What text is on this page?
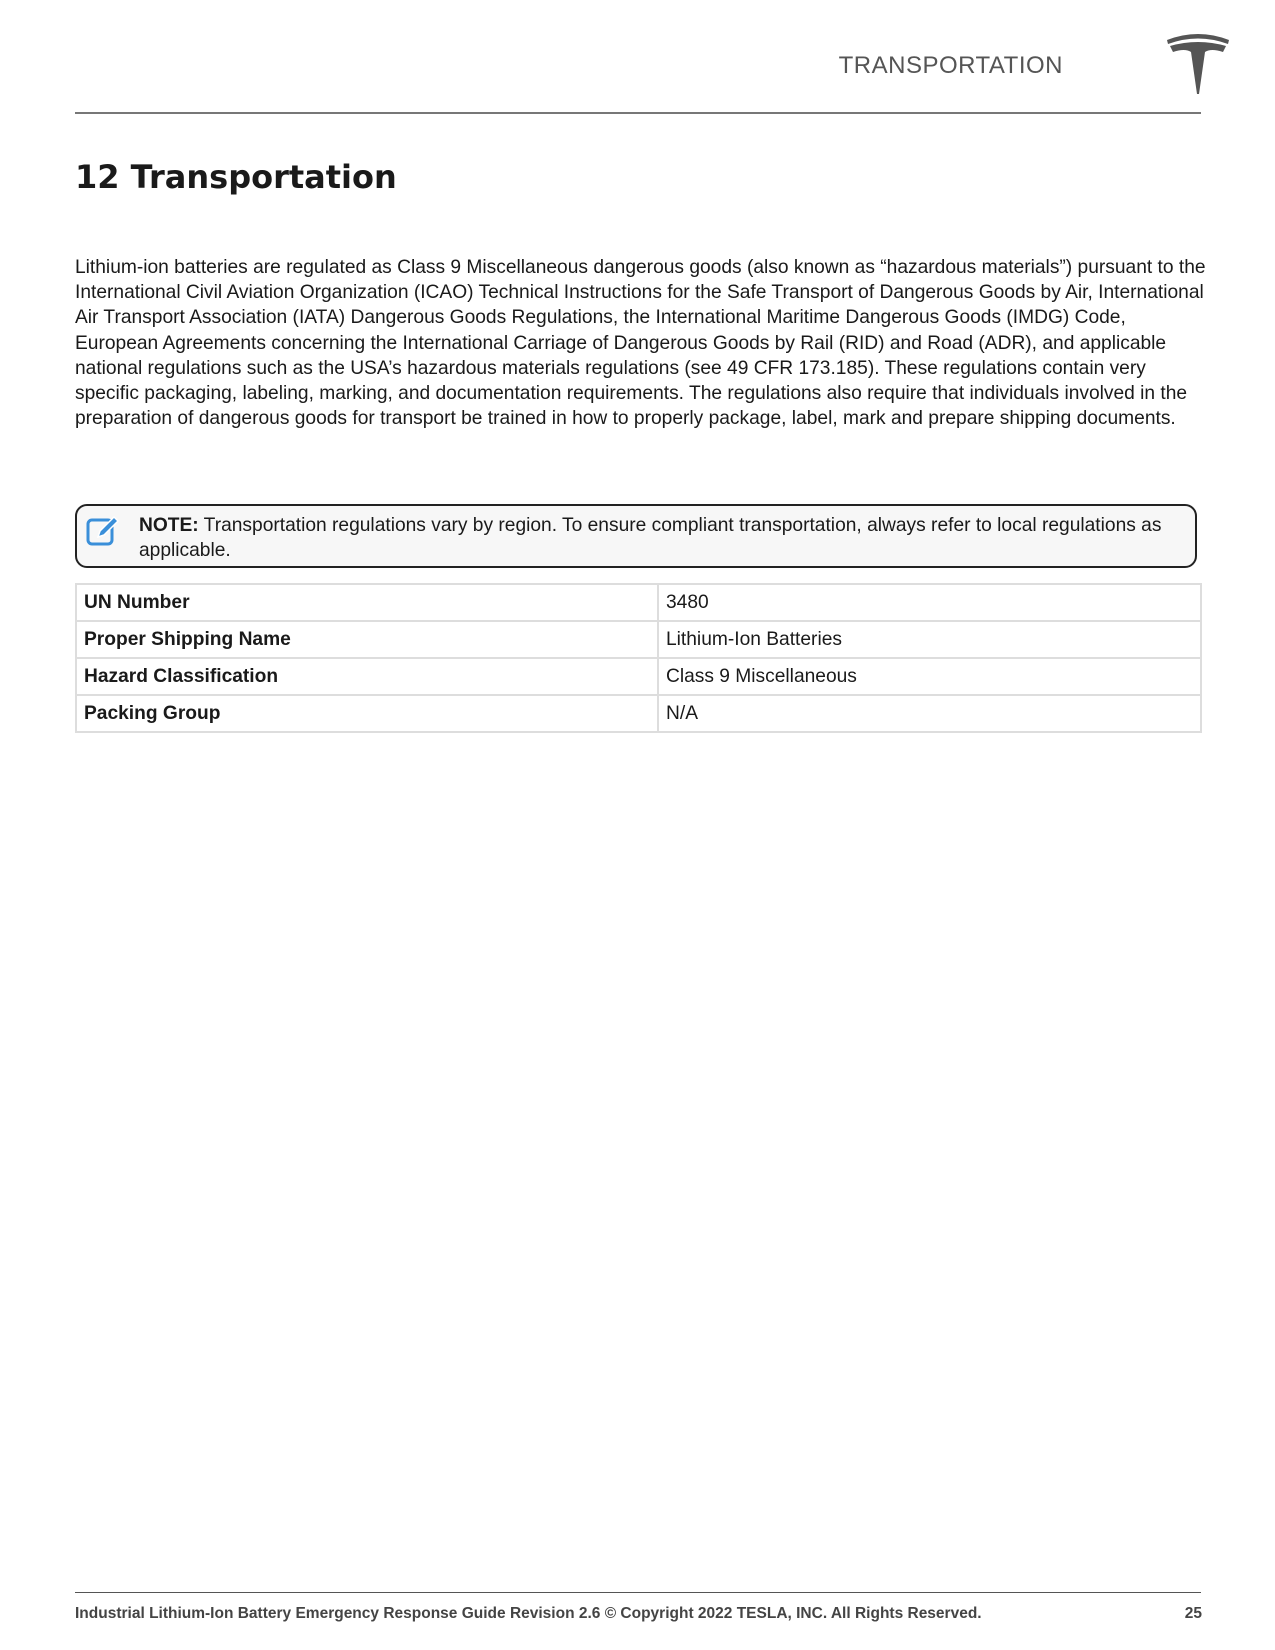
TRANSPORTATION
12 Transportation

Lithium-ion batteries are regulated as Class 9 Miscellaneous dangerous goods (also known as “hazardous materials”) pursuant to the International Civil Aviation Organization (ICAO) Technical Instructions for the Safe Transport of Dangerous Goods by Air, International Air Transport Association (IATA) Dangerous Goods Regulations, the International Maritime Dangerous Goods (IMDG) Code, European Agreements concerning the International Carriage of Dangerous Goods by Rail (RID) and Road (ADR), and applicable national regulations such as the USA’s hazardous materials regulations (see 49 CFR 173.185). These regulations contain very specific packaging, labeling, marking, and documentation requirements. The regulations also require that individuals involved in the preparation of dangerous goods for transport be trained in how to properly package, label, mark and prepare shipping documents.

NOTE: Transportation regulations vary by region. To ensure compliant transportation, always refer to local regulations as applicable.
UN Number	3480
Proper Shipping Name	Lithium-Ion Batteries
Hazard Classification	Class 9 Miscellaneous
Packing Group	N/A
Industrial Lithium-Ion Battery Emergency Response Guide Revision 2.6 © Copyright 2022 TESLA, INC. All Rights Reserved.	25
